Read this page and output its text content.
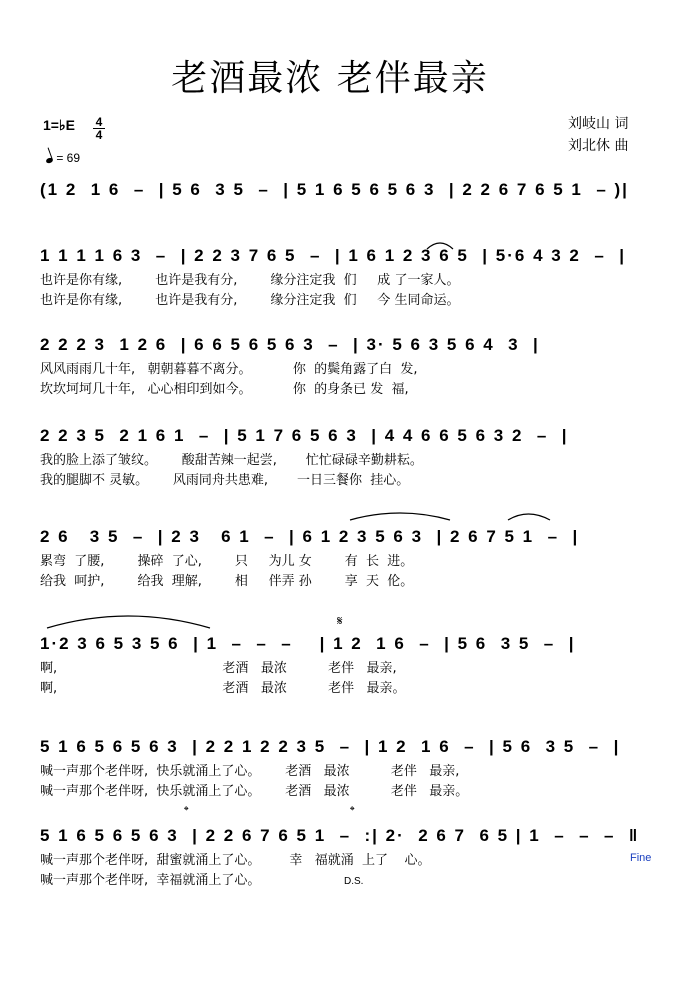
老酒最浓 老伴最亲
1=♭E	4
4
= 69
刘岐山 词
刘北休 曲
(1 2  1 6  –  | 5 6  3 5  –  | 5 1 6 5 6 5 6 3  | 2 2 6 7 6 5 1  – )|
1 1 1 1 6 3  –  | 2 2 3 7 6 5  –  | 1 6 1 2 3 6 5  | 5·6 4 3 2  –  |
也许是你有缘,        也许是我有分,        缘分注定我  们     成 了一家人。
也许是你有缘,        也许是我有分,        缘分注定我  们     今 生同命运。
2 2 2 3  1 2 6  | 6 6 5 6 5 6 3  –  | 3· 5 6 3 5 6 4  3  |
风风雨雨几十年,   朝朝暮暮不离分。          你  的鬓角露了白  发,
坎坎坷坷几十年,   心心相印到如今。          你  的身条已 发  福,
2 2 3 5  2 1 6 1  –  | 5 1 7 6 5 6 3  | 4 4 6 6 5 6 3 2  –  |
我的脸上添了皱纹。      酸甜苦辣一起尝,       忙忙碌碌辛勤耕耘。
我的腿脚不 灵敏。      风雨同舟共患难,       一日三餐你  挂心。
2 6   3 5  –  | 2 3   6 1  –  | 6 1 2 3 5 6 3  | 2 6 7 5 1  –  |
累弯  了腰,        操碎  了心,        只     为儿 女        有  长  进。
给我  呵护,        给我  理解,        相     伴弄 孙        享  天  伦。
1·2 3 6 5 3 5 6  | 1  –  –  –    | 1 2  1 6  –  | 5 6  3 5  –  |
啊,                                        老酒   最浓          老伴   最亲,
啊,                                        老酒   最浓          老伴   最亲。
5 1 6 5 6 5 6 3  | 2 2 1 2 2 3 5  –  | 1 2  1 6  –  | 5 6  3 5  –  |
喊一声那个老伴呀,  快乐就涌上了心。      老酒   最浓          老伴   最亲,
喊一声那个老伴呀,  快乐就涌上了心。      老酒   最浓          老伴   最亲。
5 1 6 5 6 5 6 3  | 2 2 6 7 6 5 1  –  :| 2·  2 6 7  6 5 | 1  –  –  –  ‖
喊一声那个老伴呀,  甜蜜就涌上了心。       幸   福就涌  上了    心。
喊一声那个老伴呀,  幸福就涌上了心。
𝄋
𝄌	𝄌
Fine
D.S.
